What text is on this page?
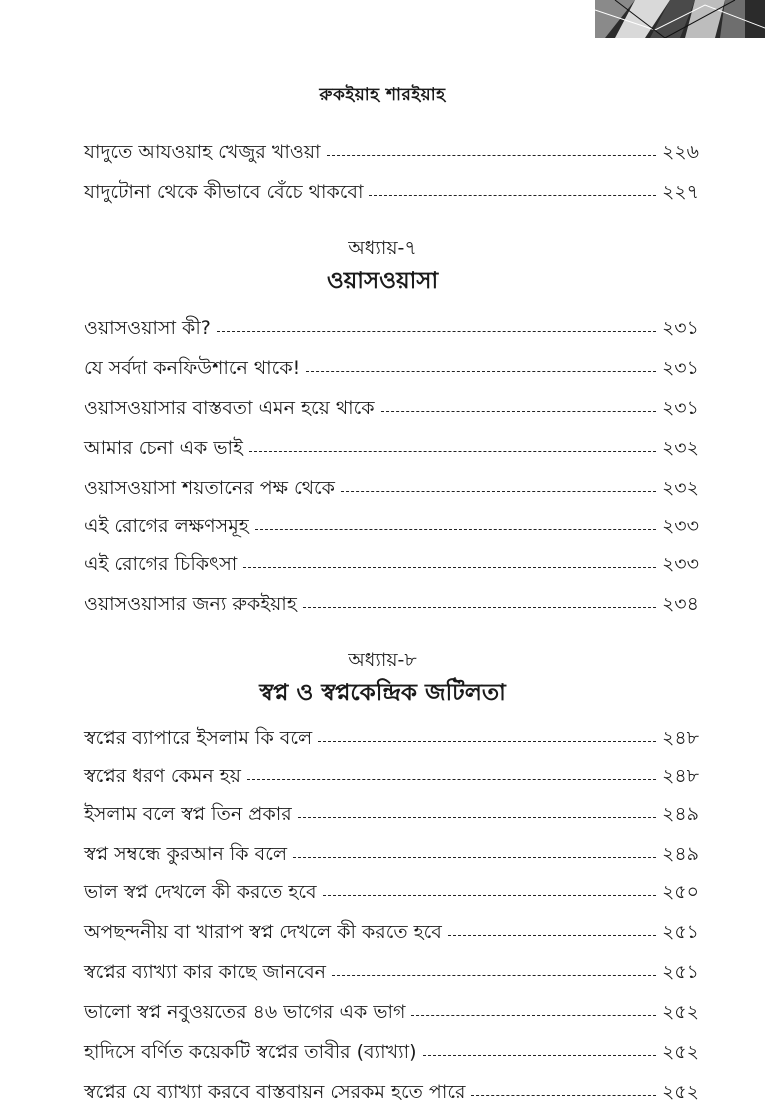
রুকইয়াহ শারইয়াহ
যাদুতে আযওয়াহ খেজুর খাওয়া	২২৬
যাদুটোনা থেকে কীভাবে বেঁচে থাকবো	২২৭
অধ্যায়-৭
ওয়াসওয়াসা
ওয়াসওয়াসা কী?	২৩১
যে সর্বদা কনফিউশানে থাকে!	২৩১
ওয়াসওয়াসার বাস্তবতা এমন হয়ে থাকে	২৩১
আমার চেনা এক ভাই	২৩২
ওয়াসওয়াসা শয়তানের পক্ষ থেকে	২৩২
এই রোগের লক্ষণসমূহ	২৩৩
এই রোগের চিকিৎসা	২৩৩
ওয়াসওয়াসার জন্য রুকইয়াহ	২৩৪
অধ্যায়-৮
স্বপ্ন ও স্বপ্নকেন্দ্রিক জটিলতা
স্বপ্নের ব্যাপারে ইসলাম কি বলে	২৪৮
স্বপ্নের ধরণ কেমন হয়	২৪৮
ইসলাম বলে স্বপ্ন তিন প্রকার	২৪৯
স্বপ্ন সম্বন্ধে কুরআন কি বলে	২৪৯
ভাল স্বপ্ন দেখলে কী করতে হবে	২৫০
অপছন্দনীয় বা খারাপ স্বপ্ন দেখলে কী করতে হবে	২৫১
স্বপ্নের ব্যাখ্যা কার কাছে জানবেন	২৫১
ভালো স্বপ্ন নবুওয়তের ৪৬ ভাগের এক ভাগ	২৫২
হাদিসে বর্ণিত কয়েকটি স্বপ্নের তাবীর (ব্যাখ্যা)	২৫২
স্বপ্নের যে ব্যাখ্যা করবে বাস্তবায়ন সেরকম হতে পারে	২৫২
